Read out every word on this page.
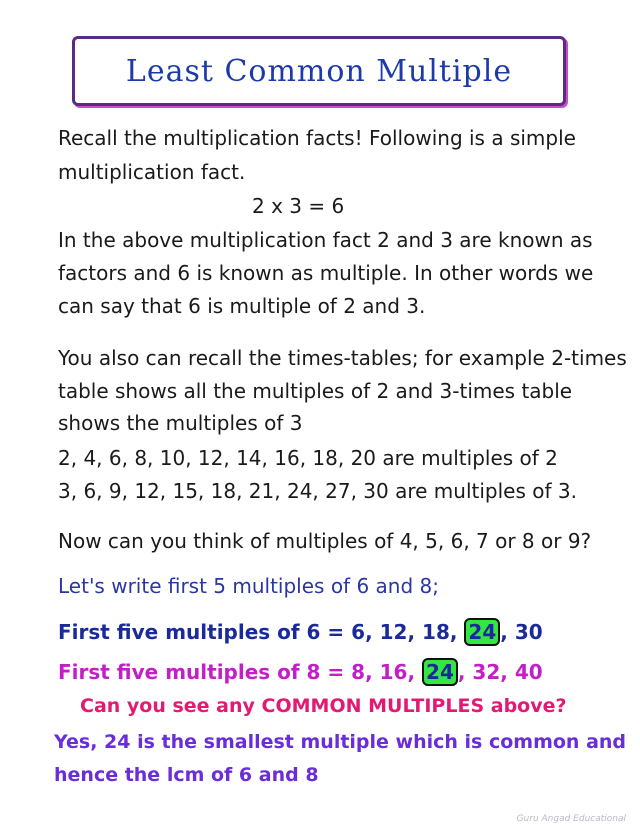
Least Common Multiple
Recall the multiplication facts! Following is a simple
multiplication fact.
2 x 3 = 6
In the above multiplication fact 2 and 3 are known as
factors and 6 is known as multiple. In other words we
can say that 6 is multiple of 2 and 3.
You also can recall the times-tables; for example 2-times
table shows all the multiples of 2 and 3-times table
shows the multiples of 3
2, 4, 6, 8, 10, 12, 14, 16, 18, 20 are multiples of 2
3, 6, 9, 12, 15, 18, 21, 24, 27, 30 are multiples of 3.
Now can you think of multiples of 4, 5, 6, 7 or 8 or 9?
Let's write first 5 multiples of 6 and 8;
First five multiples of 6 = 6, 12, 18, 24 , 30
First five multiples of 8 = 8, 16, 24 , 32, 40
Can you see any COMMON MULTIPLES above?
Yes, 24 is the smallest multiple which is common and
hence the lcm of 6 and 8
Guru Angad Educational
